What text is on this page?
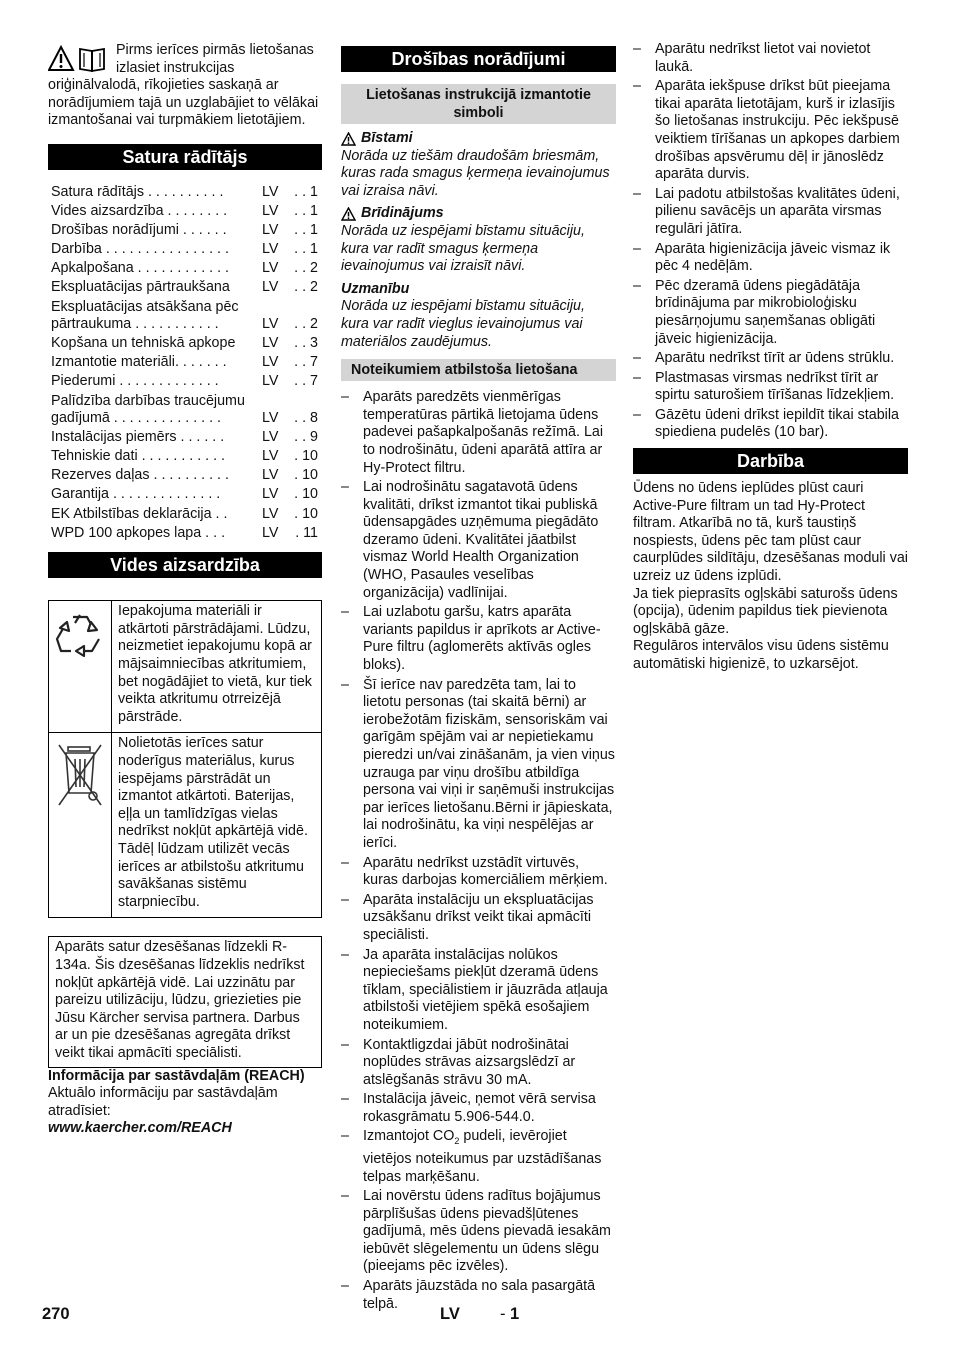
Pirms ierīces pirmās lietošanas izlasiet instrukcijas oriģinālvalodā, rīkojieties saskaņā ar norādījumiem tajā un uzglabājiet to vēlākai izmantošanai vai turpmākiem lietotājiem.
Satura rādītājs
Satura rādītājs . . . . . . . . . .	LV	. . 1
Vides aizsardzība . . . . . . . .	LV	. . 1
Drošības norādījumi . . . . . .	LV	. . 1
Darbība . . . . . . . . . . . . . . . .	LV	. . 1
Apkalpošana . . . . . . . . . . . .	LV	. . 2
Ekspluatācijas pārtraukšana	LV	. . 2
Ekspluatācijas atsākšana pēc pārtraukuma . . . . . . . . . . .	LV	. . 2
Kopšana un tehniskā apkope	LV	. . 3
Izmantotie materiāli. . . . . . .	LV	. . 7
Piederumi . . . . . . . . . . . . .	LV	. . 7
Palīdzība darbības traucējumu gadījumā . . . . . . . . . . . . . .	LV	. . 8
Instalācijas piemērs . . . . . .	LV	. . 9
Tehniskie dati . . . . . . . . . . .	LV	. 10
Rezerves daļas . . . . . . . . . .	LV	. 10
Garantija . . . . . . . . . . . . . .	LV	. 10
EK Atbilstības deklarācija . .	LV	. 10
WPD 100 apkopes lapa . . .	LV	. 11
Vides aizsardzība
	Iepakojuma materiāli ir atkārtoti pārstrādājami. Lūdzu, neizmetiet iepakojumu kopā ar mājsaimniecības atkritumiem, bet nogādājiet to vietā, kur tiek veikta atkritumu otrreizējā pārstrāde.
	Nolietotās ierīces satur noderīgus materiālus, kurus iespējams pārstrādāt un izmantot atkārtoti. Baterijas, eļļa un tamlīdzīgas vielas nedrīkst nokļūt apkārtējā vidē. Tādēļ lūdzam utilizēt vecās ierīces ar atbilstošu atkritumu savākšanas sistēmu starpniecību.
Aparāts satur dzesēšanas līdzekli R-134a. Šis dzesēšanas līdzeklis nedrīkst nokļūt apkārtējā vidē. Lai uzzinātu par pareizu utilizāciju, lūdzu, griezieties pie Jūsu Kärcher servisa partnera. Darbus ar un pie dzesēšanas agregāta drīkst veikt tikai apmācīti speciālisti.

Informācija par sastāvdaļām (REACH)

Aktuālo informāciju par sastāvdaļām atradīsiet:

www.kaercher.com/REACH

Drošības norādījumi
Lietošanas instrukcijā izmantotie simboli
Bīstami

Norāda uz tiešām draudošām briesmām, kuras rada smagus ķermeņa ievainojumus vai izraisa nāvi.

Brīdinājums

Norāda uz iespējami bīstamu situāciju, kura var radīt smagus ķermeņa ievainojumus vai izraisīt nāvi.

Uzmanību

Norāda uz iespējami bīstamu situāciju, kura var radīt vieglus ievainojumus vai materiālos zaudējumus.

Noteikumiem atbilstoša lietošana
– Aparāts paredzēts vienmērīgas temperatūras pārtikā lietojama ūdens padevei pašapkalpošanās režīmā. Lai to nodrošinātu, ūdeni aparātā attīra ar Hy-Protect filtru.
– Lai nodrošinātu sagatavotā ūdens kvalitāti, drīkst izmantot tikai publiskā ūdensapgādes uzņēmuma piegādāto dzeramo ūdeni. Kvalitātei jāatbilst vismaz World Health Organization (WHO, Pasaules veselības organizācija) vadlīnijai.
– Lai uzlabotu garšu, katrs aparāta variants papildus ir aprīkots ar Active-Pure filtru (aglomerēts aktīvās ogles bloks).
– Šī ierīce nav paredzēta tam, lai to lietotu personas (tai skaitā bērni) ar ierobežotām fiziskām, sensoriskām vai garīgām spējām vai ar nepietiekamu pieredzi un/vai zināšanām, ja vien viņus uzrauga par viņu drošību atbildīga persona vai viņi ir saņēmuši instrukcijas par ierīces lietošanu.Bērni ir jāpieskata, lai nodrošinātu, ka viņi nespēlējas ar ierīci.
– Aparātu nedrīkst uzstādīt virtuvēs, kuras darbojas komerciāliem mērķiem.
– Aparāta instalāciju un ekspluatācijas uzsākšanu drīkst veikt tikai apmācīti speciālisti.
– Ja aparāta instalācijas nolūkos nepieciešams piekļūt dzeramā ūdens tīklam, speciālistiem ir jāuzrāda atļauja atbilstoši vietējiem spēkā esošajiem noteikumiem.
– Kontaktligzdai jābūt nodrošinātai noplūdes strāvas aizsargslēdzī ar atslēgšanās strāvu 30 mA.
– Instalācija jāveic, ņemot vērā servisa rokasgrāmatu 5.906-544.0.
– Izmantojot $CO_2$ pudeli, ievērojiet vietējos noteikumus par uzstādīšanas telpas marķēšanu.
– Lai novērstu ūdens radītus bojājumus pārplīšušas ūdens pievadšļūtenes gadījumā, mēs ūdens pievadā iesakām iebūvēt slēgelementu un ūdens slēgu (pieejams pēc izvēles).
– Aparāts jāuzstāda no sala pasargātā telpā.
– Aparātu nedrīkst lietot vai novietot laukā.
– Aparāta iekšpuse drīkst būt pieejama tikai aparāta lietotājam, kurš ir izlasījis šo lietošanas instrukciju. Pēc iekšpusē veiktiem tīrīšanas un apkopes darbiem drošības apsvērumu dēļ ir jānoslēdz aparāta durvis.
– Lai padotu atbilstošas kvalitātes ūdeni, pilienu savācējs un aparāta virsmas regulāri jātīra.
– Aparāta higienizācija jāveic vismaz ik pēc 4 nedēļām.
– Pēc dzeramā ūdens piegādātāja brīdinājuma par mikrobioloģisku piesārņojumu saņemšanas obligāti jāveic higienizācija.
– Aparātu nedrīkst tīrīt ar ūdens strūklu.
– Plastmasas virsmas nedrīkst tīrīt ar spirtu saturošiem tīrīšanas līdzekļiem.
– Gāzētu ūdeni drīkst iepildīt tikai stabila spiediena pudelēs (10 bar).
Darbība

Ūdens no ūdens ieplūdes plūst cauri Active-Pure filtram un tad Hy-Protect filtram. Atkarībā no tā, kurš taustiņš nospiests, ūdens pēc tam plūst caur caurplūdes sildītāju, dzesēšanas moduli vai uzreiz uz ūdens izplūdi.

Ja tiek pieprasīts ogļskābi saturošs ūdens (opcija), ūdenim papildus tiek pievienota ogļskābā gāze.

Regulāros intervālos visu ūdens sistēmu automātiski higienizē, to uzkarsējot.

270	LV - 1
